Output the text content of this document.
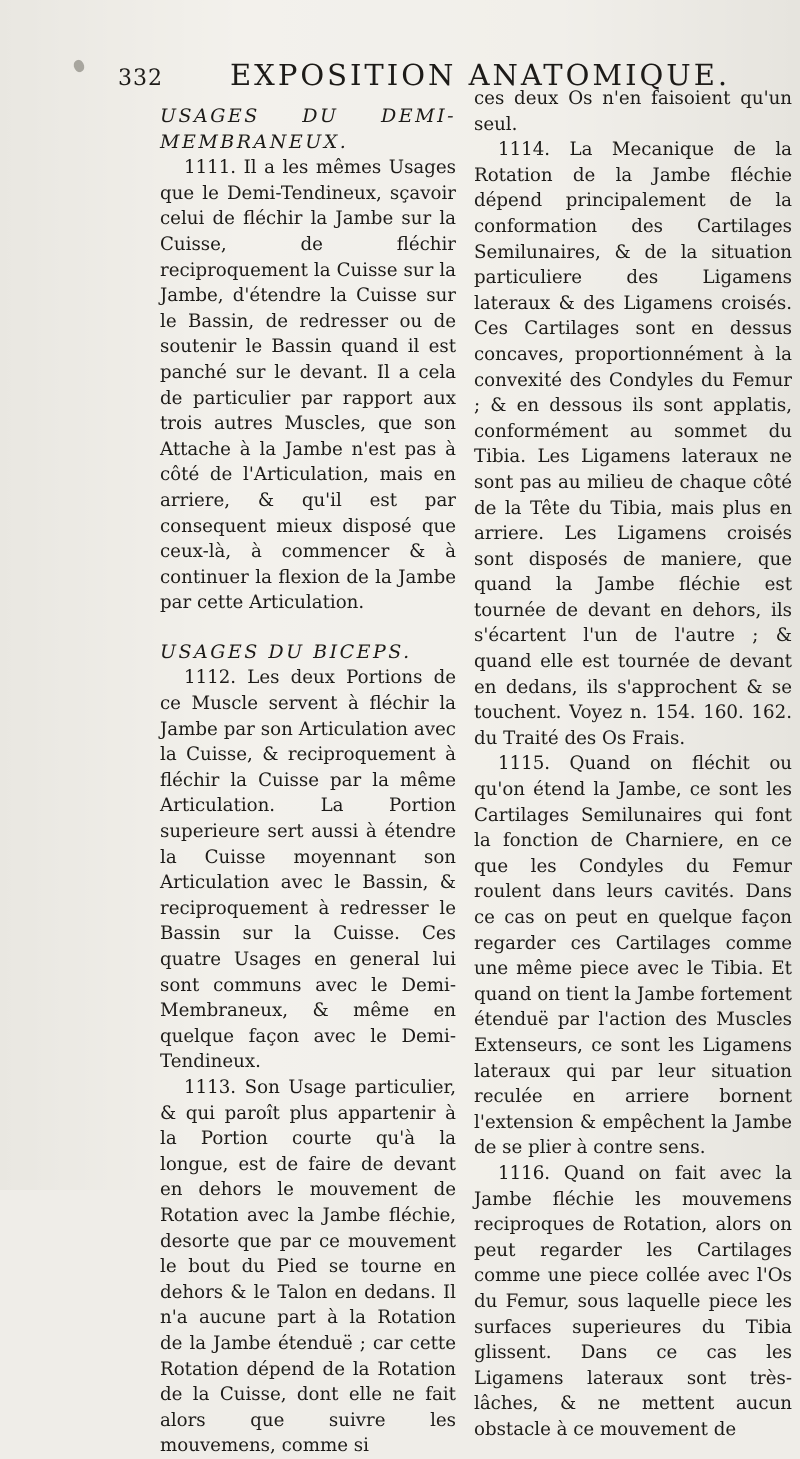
332 EXPOSITION ANATOMIQUE.

USAGES DU DEMI-MEMBRANEUX.

1111. Il a les mêmes Usages que le Demi-Tendineux, sçavoir celui de fléchir la Jambe sur la Cuisse, de fléchir reciproquement la Cuisse sur la Jambe, d'étendre la Cuisse sur le Bassin, de redresser ou de soutenir le Bassin quand il est panché sur le devant. Il a cela de particulier par rapport aux trois autres Muscles, que son Attache à la Jambe n'est pas à côté de l'Articulation, mais en arriere, & qu'il est par consequent mieux disposé que ceux-là, à commencer & à continuer la flexion de la Jambe par cette Articulation.

USAGES DU BICEPS.

1112. Les deux Portions de ce Muscle servent à fléchir la Jambe par son Articulation avec la Cuisse, & reciproquement à fléchir la Cuisse par la même Articulation. La Portion superieure sert aussi à étendre la Cuisse moyennant son Articulation avec le Bassin, & reciproquement à redresser le Bassin sur la Cuisse. Ces quatre Usages en general lui sont communs avec le Demi-Membraneux, & même en quelque façon avec le Demi-Tendineux.

1113. Son Usage particulier, & qui paroît plus appartenir à la Portion courte qu'à la longue, est de faire de devant en dehors le mouvement de Rotation avec la Jambe fléchie, desorte que par ce mouvement le bout du Pied se tourne en dehors & le Talon en dedans. Il n'a aucune part à la Rotation de la Jambe étenduë ; car cette Rotation dépend de la Rotation de la Cuisse, dont elle ne fait alors que suivre les mouvemens, comme si

ces deux Os n'en faisoient qu'un seul.

1114. La Mecanique de la Rotation de la Jambe fléchie dépend principalement de la conformation des Cartilages Semilunaires, & de la situation particuliere des Ligamens lateraux & des Ligamens croisés. Ces Cartilages sont en dessus concaves, proportionnément à la convexité des Condyles du Femur ; & en dessous ils sont applatis, conformément au sommet du Tibia. Les Ligamens lateraux ne sont pas au milieu de chaque côté de la Tête du Tibia, mais plus en arriere. Les Ligamens croisés sont disposés de maniere, que quand la Jambe fléchie est tournée de devant en dehors, ils s'écartent l'un de l'autre ; & quand elle est tournée de devant en dedans, ils s'approchent & se touchent. Voyez n. 154. 160. 162. du Traité des Os Frais.

1115. Quand on fléchit ou qu'on étend la Jambe, ce sont les Cartilages Semilunaires qui font la fonction de Charniere, en ce que les Condyles du Femur roulent dans leurs cavités. Dans ce cas on peut en quelque façon regarder ces Cartilages comme une même piece avec le Tibia. Et quand on tient la Jambe fortement étenduë par l'action des Muscles Extenseurs, ce sont les Ligamens lateraux qui par leur situation reculée en arriere bornent l'extension & empêchent la Jambe de se plier à contre sens.

1116. Quand on fait avec la Jambe fléchie les mouvemens reciproques de Rotation, alors on peut regarder les Cartilages comme une piece collée avec l'Os du Femur, sous laquelle piece les surfaces superieures du Tibia glissent. Dans ce cas les Ligamens lateraux sont très-lâches, & ne mettent aucun obstacle à ce mouvement de
